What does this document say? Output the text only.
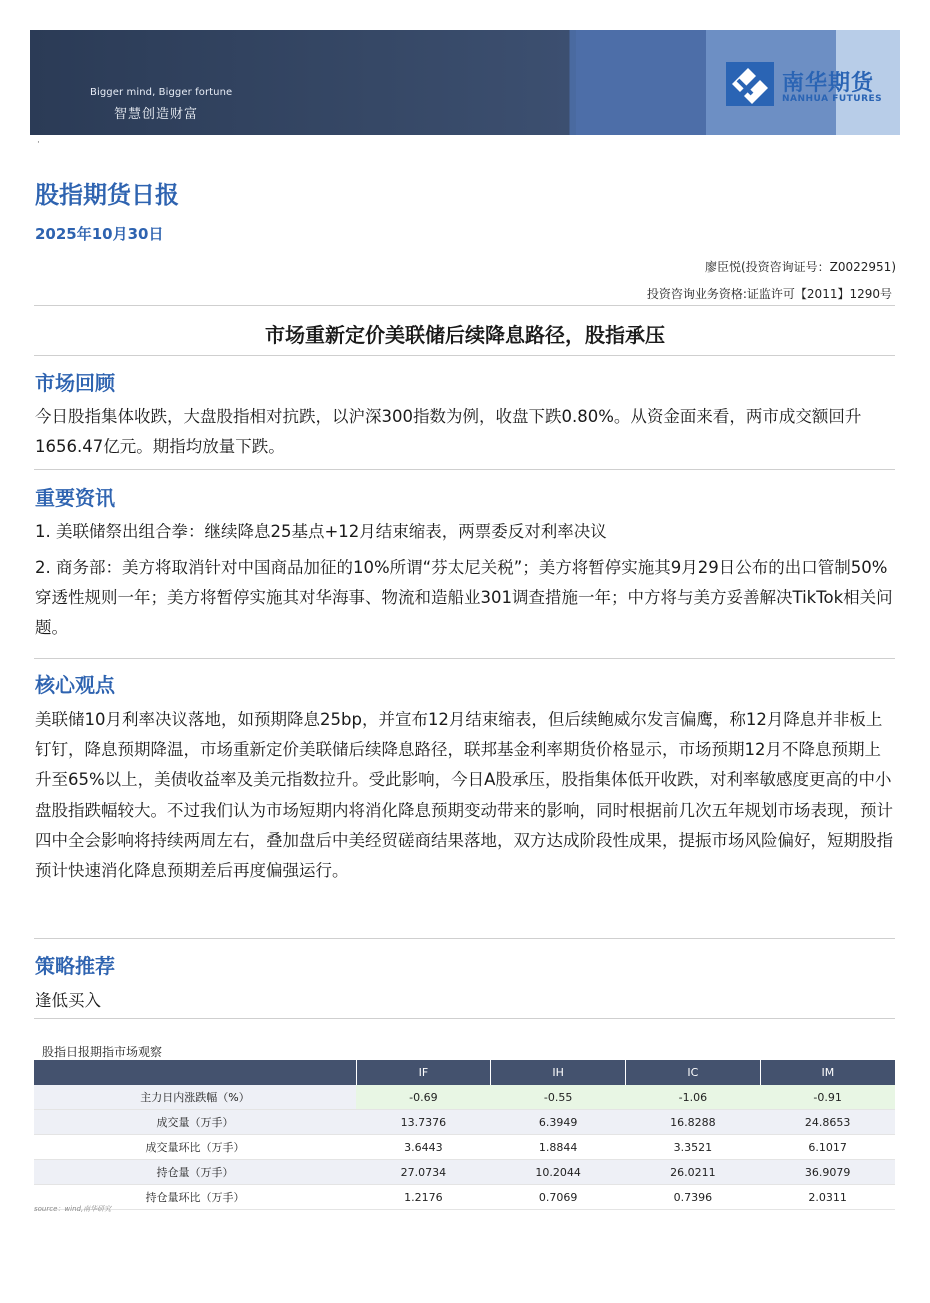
Bigger mind, Bigger fortune
智慧创造财富
南华期货
NANHUA FUTURES
·
股指期货日报
2025年10月30日
廖臣悦(投资咨询证号：Z0022951)
投资咨询业务资格:证监许可【2011】1290号
市场重新定价美联储后续降息路径，股指承压
市场回顾

今日股指集体收跌，大盘股指相对抗跌，以沪深300指数为例，收盘下跌0.80%。从资金面来看，两市成交额回升1656.47亿元。期指均放量下跌。

重要资讯

1. 美联储祭出组合拳：继续降息25基点+12月结束缩表，两票委反对利率决议

2. 商务部：美方将取消针对中国商品加征的10%所谓“芬太尼关税”；美方将暂停实施其9月29日公布的出口管制50%穿透性规则一年；美方将暂停实施其对华海事、物流和造船业301调查措施一年；中方将与美方妥善解决TikTok相关问题。

核心观点

美联储10月利率决议落地，如预期降息25bp，并宣布12月结束缩表，但后续鲍威尔发言偏鹰，称12月降息并非板上钉钉，降息预期降温，市场重新定价美联储后续降息路径，联邦基金利率期货价格显示，市场预期12月不降息预期上升至65%以上，美债收益率及美元指数拉升。受此影响，今日A股承压，股指集体低开收跌，对利率敏感度更高的中小盘股指跌幅较大。不过我们认为市场短期内将消化降息预期变动带来的影响，同时根据前几次五年规划市场表现，预计四中全会影响将持续两周左右，叠加盘后中美经贸磋商结果落地，双方达成阶段性成果，提振市场风险偏好，短期股指预计快速消化降息预期差后再度偏强运行。

策略推荐

逢低买入

股指日报期指市场观察
	IF	IH	IC	IM
主力日内涨跌幅（%）	-0.69	-0.55	-1.06	-0.91
成交量（万手）	13.7376	6.3949	16.8288	24.8653
成交量环比（万手）	3.6443	1.8844	3.3521	6.1017
持仓量（万手）	27.0734	10.2044	26.0211	36.9079
持仓量环比（万手）	1.2176	0.7069	0.7396	2.0311
source：wind,南华研究
